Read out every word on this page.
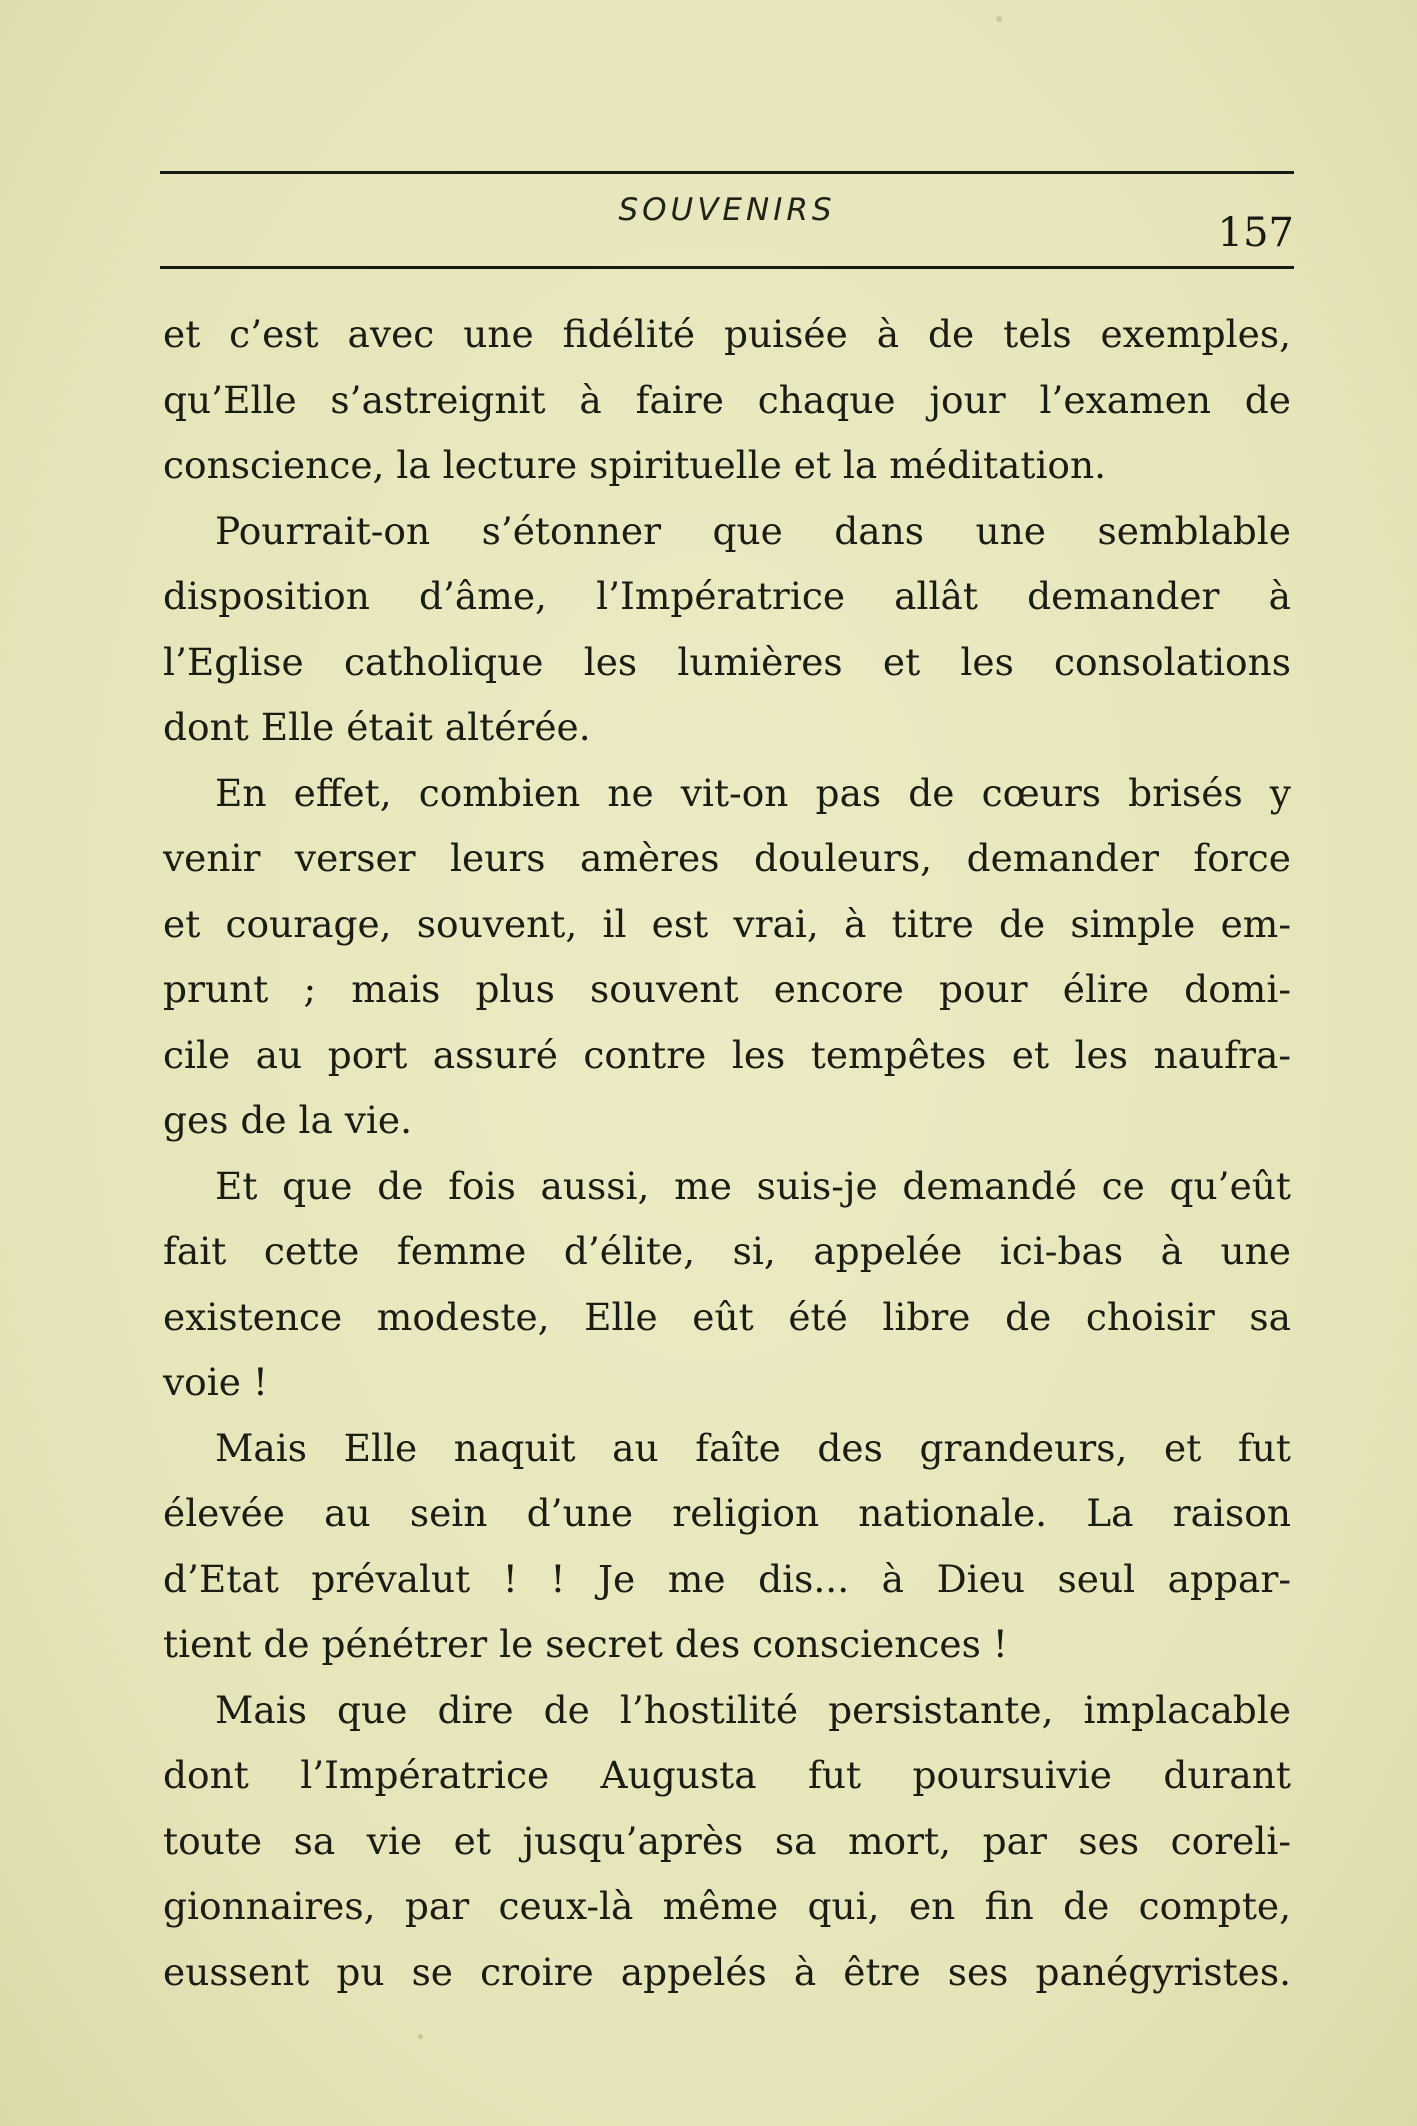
SOUVENIRS	157
et c’est avec une fidélité puisée à de tels exemples,
qu’Elle s’astreignit à faire chaque jour l’examen de
conscience, la lecture spirituelle et la méditation.
Pourrait-on s’étonner que dans une semblable
disposition d’âme, l’Impératrice allât demander à
l’Eglise catholique les lumières et les consolations
dont Elle était altérée.
En effet, combien ne vit-on pas de cœurs brisés y
venir verser leurs amères douleurs, demander force
et courage, souvent, il est vrai, à titre de simple em-
prunt ; mais plus souvent encore pour élire domi-
cile au port assuré contre les tempêtes et les naufra-
ges de la vie.
Et que de fois aussi, me suis-je demandé ce qu’eût
fait cette femme d’élite, si, appelée ici-bas à une
existence modeste, Elle eût été libre de choisir sa
voie !
Mais Elle naquit au faîte des grandeurs, et fut
élevée au sein d’une religion nationale. La raison
d’Etat prévalut ! ! Je me dis... à Dieu seul appar-
tient de pénétrer le secret des consciences !
Mais que dire de l’hostilité persistante, implacable
dont l’Impératrice Augusta fut poursuivie durant
toute sa vie et jusqu’après sa mort, par ses coreli-
gionnaires, par ceux-là même qui, en fin de compte,
eussent pu se croire appelés à être ses panégyristes.
